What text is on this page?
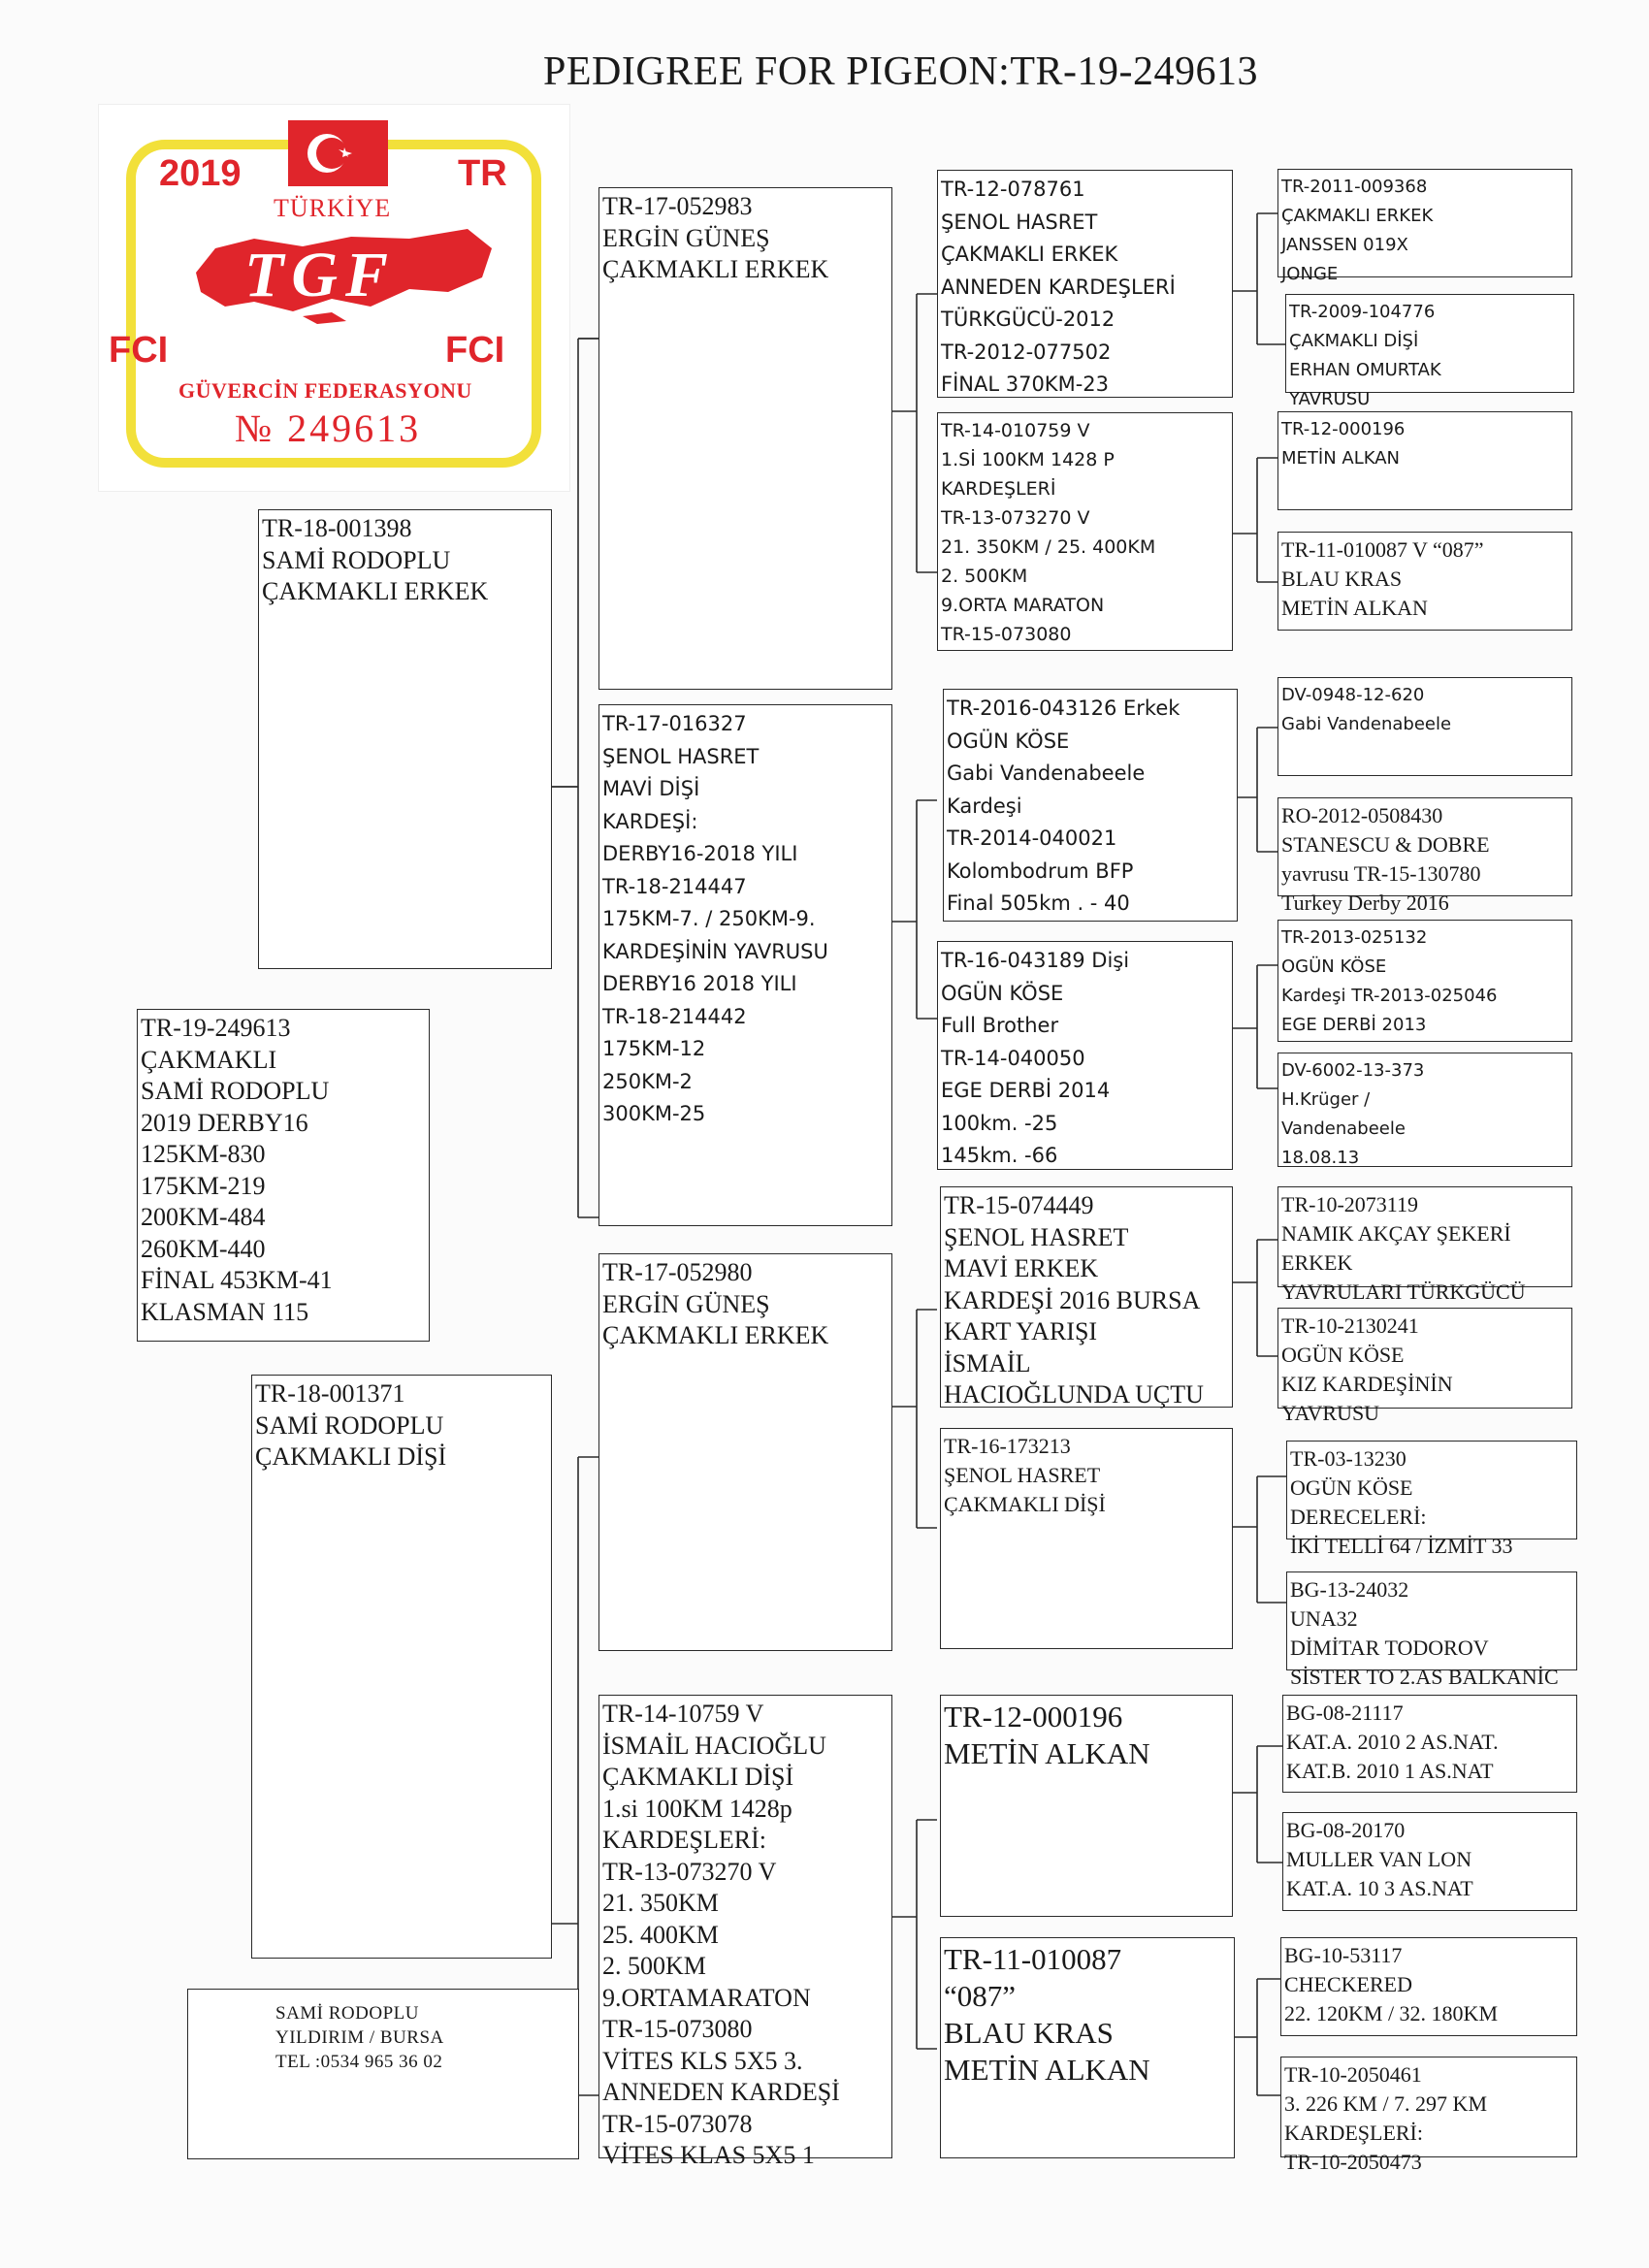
PEDIGREE FOR PIGEON:TR-19-249613
2019	TR
TÜRKİYE
TGF
FCI	FCI
GÜVERCİN FEDERASYONU
№ 249613
TR-19-249613
ÇAKMAKLI
SAMİ RODOPLU
2019 DERBY16
125KM-830
175KM-219
200KM-484
260KM-440
FİNAL 453KM-41
KLASMAN 115
TR-18-001398
SAMİ RODOPLU
ÇAKMAKLI ERKEK
TR-18-001371
SAMİ RODOPLU
ÇAKMAKLI DİŞİ
TR-17-052983
ERGİN GÜNEŞ
ÇAKMAKLI ERKEK
TR-17-016327
ŞENOL HASRET
MAVİ DİŞİ
KARDEŞİ:
DERBY16-2018 YILI
TR-18-214447
175KM-7. / 250KM-9.
KARDEŞİNİN YAVRUSU
DERBY16 2018 YILI
TR-18-214442
175KM-12
250KM-2
300KM-25
TR-17-052980
ERGİN GÜNEŞ
ÇAKMAKLI ERKEK
TR-14-10759 V
İSMAİL HACIOĞLU
ÇAKMAKLI DİŞİ
1.si 100KM 1428p
KARDEŞLERİ:
TR-13-073270 V
21. 350KM
25. 400KM
2. 500KM
9.ORTAMARATON
TR-15-073080
VİTES KLS 5X5 3.
ANNEDEN KARDEŞİ
TR-15-073078
VİTES KLAS 5X5 1
TR-12-078761
ŞENOL HASRET
ÇAKMAKLI ERKEK
ANNEDEN KARDEŞLERİ
TÜRKGÜCÜ-2012
TR-2012-077502
FİNAL 370KM-23
TR-14-010759 V
1.Sİ 100KM 1428 P
KARDEŞLERİ
TR-13-073270 V
21. 350KM / 25. 400KM
2. 500KM
9.ORTA MARATON
TR-15-073080
TR-2016-043126 Erkek
OGÜN KÖSE
Gabi Vandenabeele
Kardeşi
TR-2014-040021
Kolombodrum BFP
Final 505km . - 40
TR-16-043189 Dişi
OGÜN KÖSE
Full Brother
TR-14-040050
EGE DERBİ 2014
100km. -25
145km. -66
TR-15-074449
ŞENOL HASRET
MAVİ ERKEK
KARDEŞİ 2016 BURSA
KART YARIŞI
İSMAİL
HACIOĞLUNDA UÇTU
TR-16-173213
ŞENOL HASRET
ÇAKMAKLI DİŞİ
TR-12-000196
METİN ALKAN
TR-11-010087
“087”
BLAU KRAS
METİN ALKAN
TR-2011-009368
ÇAKMAKLI ERKEK
JANSSEN 019X
JONGE
TR-2009-104776
ÇAKMAKLI DİŞİ
ERHAN OMURTAK
YAVRUSU
TR-12-000196
METİN ALKAN
TR-11-010087 V “087”
BLAU KRAS
METİN ALKAN
DV-0948-12-620
Gabi Vandenabeele
RO-2012-0508430
STANESCU & DOBRE
yavrusu TR-15-130780
Turkey Derby 2016
TR-2013-025132
OGÜN KÖSE
Kardeşi TR-2013-025046
EGE DERBİ 2013
DV-6002-13-373
H.Krüger /
Vandenabeele
18.08.13
TR-10-2073119
NAMIK AKÇAY ŞEKERİ
ERKEK
YAVRULARI TÜRKGÜCÜ
TR-10-2130241
OGÜN KÖSE
KIZ KARDEŞİNİN
YAVRUSU
TR-03-13230
OGÜN KÖSE
DERECELERİ:
İKİ TELLİ 64 / İZMİT 33
BG-13-24032
UNA32
DİMİTAR TODOROV
SİSTER TO 2.AS BALKANİC
BG-08-21117
KAT.A. 2010 2 AS.NAT.
KAT.B. 2010 1 AS.NAT
BG-08-20170
MULLER VAN LON
KAT.A. 10 3 AS.NAT
BG-10-53117
CHECKERED
22. 120KM / 32. 180KM
TR-10-2050461
3. 226 KM / 7. 297 KM
KARDEŞLERİ:
TR-10-2050473
SAMİ RODOPLU
YILDIRIM / BURSA
TEL :0534 965 36 02
